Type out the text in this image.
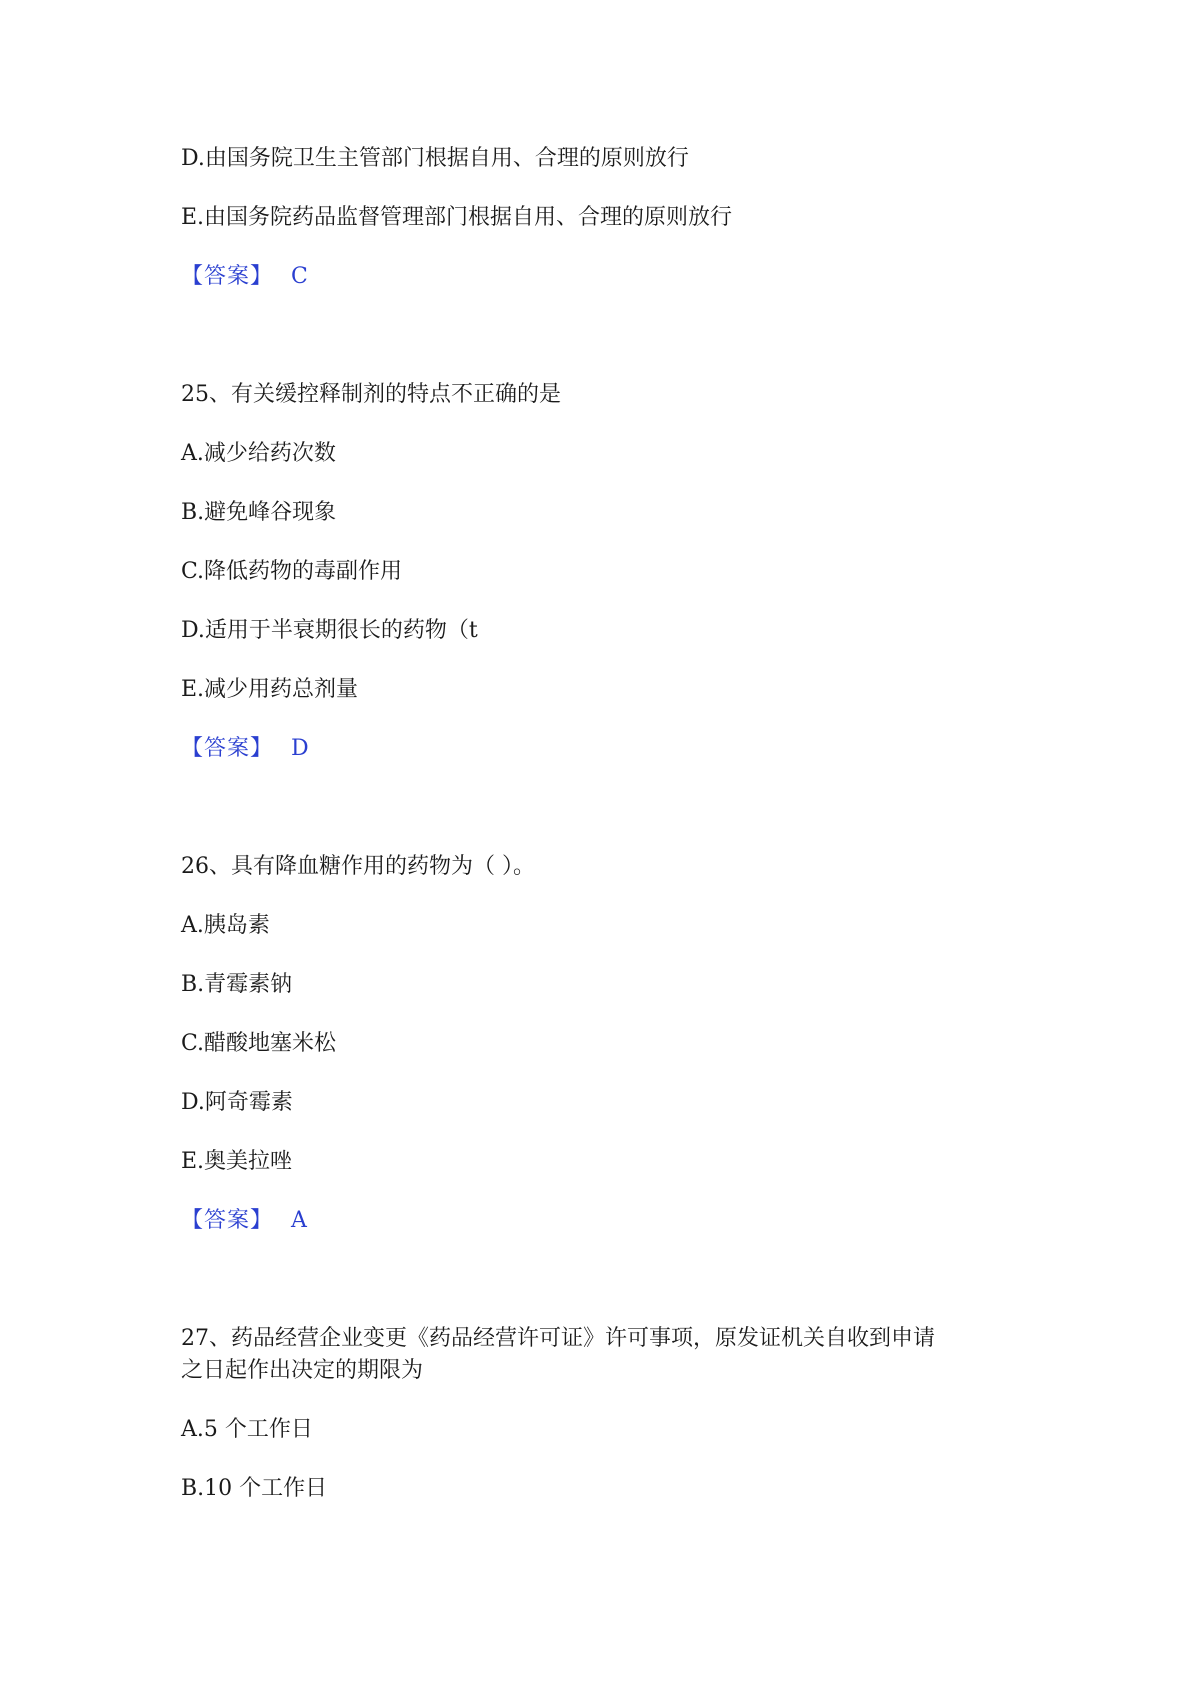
D.由国务院卫生主管部门根据自用、合理的原则放行
E.由国务院药品监督管理部门根据自用、合理的原则放行
【答案】 C
25、有关缓控释制剂的特点不正确的是
A.减少给药次数
B.避免峰谷现象
C.降低药物的毒副作用
D.适用于半衰期很长的药物（t
E.减少用药总剂量
【答案】 D
26、具有降血糖作用的药物为（ ）。
A.胰岛素
B.青霉素钠
C.醋酸地塞米松
D.阿奇霉素
E.奥美拉唑
【答案】 A
27、药品经营企业变更《药品经营许可证》许可事项，原发证机关自收到申请
之日起作出决定的期限为
A.5 个工作日
B.10 个工作日
